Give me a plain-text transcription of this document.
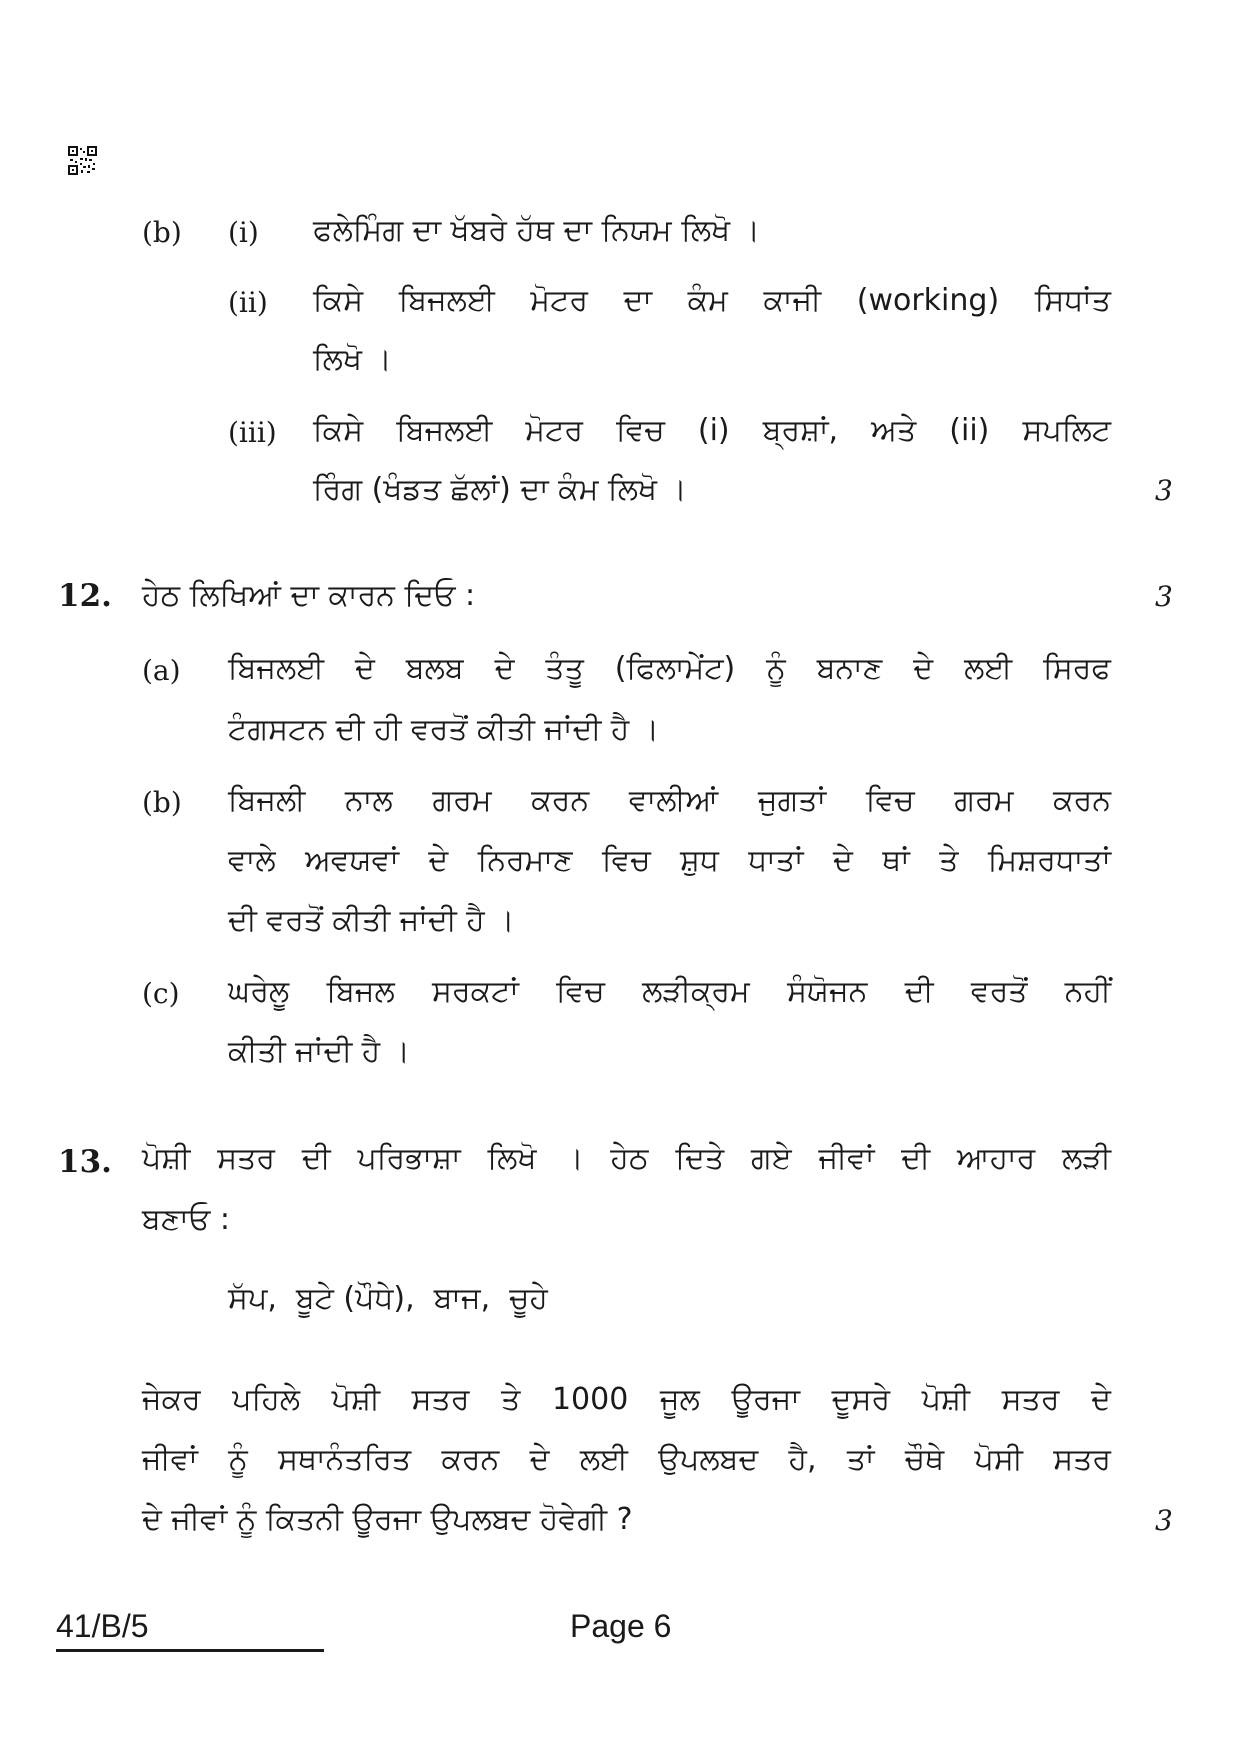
(b) (i) ਫਲੇਮਿੰਗ ਦਾ ਖੱਬਰੇ ਹੱਥ ਦਾ ਨਿਯਮ ਲਿਖੋ ।
(ii) ਕਿਸੇ ਬਿਜਲਈ ਮੋਟਰ ਦਾ ਕੰਮ ਕਾਜੀ (working) ਸਿਧਾਂਤ
ਲਿਖੋ ।
(iii) ਕਿਸੇ ਬਿਜਲਈ ਮੋਟਰ ਵਿਚ (i) ਬ੍ਰਸ਼ਾਂ, ਅਤੇ (ii) ਸਪਲਿਟ
ਰਿੰਗ (ਖੰਡਤ ਛੱਲਾਂ) ਦਾ ਕੰਮ ਲਿਖੋ ।	3
12. ਹੇਠ ਲਿਖਿਆਂ ਦਾ ਕਾਰਨ ਦਿਓ :	3
(a) ਬਿਜਲਈ ਦੇ ਬਲਬ ਦੇ ਤੰਤੂ (ਫਿਲਾਮੇਂਟ) ਨੂੰ ਬਨਾਣ ਦੇ ਲਈ ਸਿਰਫ
ਟੰਗਸਟਨ ਦੀ ਹੀ ਵਰਤੋਂ ਕੀਤੀ ਜਾਂਦੀ ਹੈ ।
(b) ਬਿਜਲੀ ਨਾਲ ਗਰਮ ਕਰਨ ਵਾਲੀਆਂ ਜੁਗਤਾਂ ਵਿਚ ਗਰਮ ਕਰਨ
ਵਾਲੇ ਅਵਯਵਾਂ ਦੇ ਨਿਰਮਾਣ ਵਿਚ ਸ਼ੁਧ ਧਾਤਾਂ ਦੇ ਥਾਂ ਤੇ ਮਿਸ਼ਰਧਾਤਾਂ
ਦੀ ਵਰਤੋਂ ਕੀਤੀ ਜਾਂਦੀ ਹੈ ।
(c) ਘਰੇਲੂ ਬਿਜਲ ਸਰਕਟਾਂ ਵਿਚ ਲੜੀਕ੍ਰਮ ਸੰਯੋਜਨ ਦੀ ਵਰਤੋਂ ਨਹੀਂ
ਕੀਤੀ ਜਾਂਦੀ ਹੈ ।
13. ਪੋਸ਼ੀ ਸਤਰ ਦੀ ਪਰਿਭਾਸ਼ਾ ਲਿਖੋ । ਹੇਠ ਦਿਤੇ ਗਏ ਜੀਵਾਂ ਦੀ ਆਹਾਰ ਲੜੀ
ਬਣਾਓ :
ਸੱਪ,  ਬੂਟੇ (ਪੌਧੇ),  ਬਾਜ,  ਚੂਹੇ
ਜੇਕਰ ਪਹਿਲੇ ਪੋਸ਼ੀ ਸਤਰ ਤੇ 1000 ਜੂਲ ਊਰਜਾ ਦੂਸਰੇ ਪੋਸ਼ੀ ਸਤਰ ਦੇ
ਜੀਵਾਂ ਨੂੰ ਸਥਾਨੰਤਰਿਤ ਕਰਨ ਦੇ ਲਈ ਉਪਲਬਦ ਹੈ, ਤਾਂ ਚੌਥੇ ਪੋਸੀ ਸਤਰ
ਦੇ ਜੀਵਾਂ ਨੂੰ ਕਿਤਨੀ ਊਰਜਾ ਉਪਲਬਦ ਹੋਵੇਗੀ ?	3
41/B/5	Page 6
